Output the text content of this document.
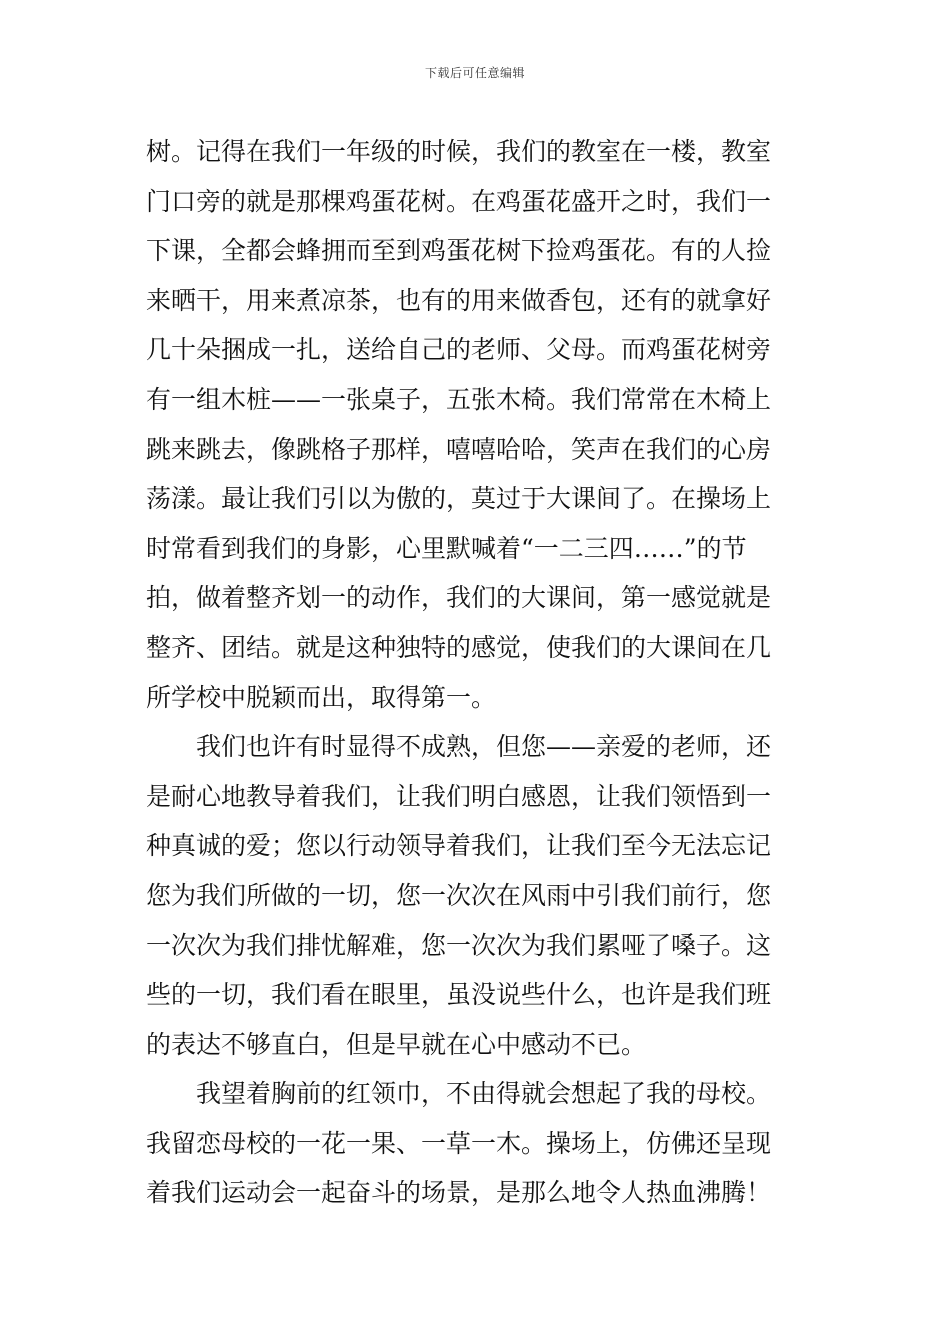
下载后可任意编辑
树。记得在我们一年级的时候，我们的教室在一楼，教室
门口旁的就是那棵鸡蛋花树。在鸡蛋花盛开之时，我们一
下课，全都会蜂拥而至到鸡蛋花树下捡鸡蛋花。有的人捡
来晒干，用来煮凉茶，也有的用来做香包，还有的就拿好
几十朵捆成一扎，送给自己的老师、父母。而鸡蛋花树旁
有一组木桩——一张桌子，五张木椅。我们常常在木椅上
跳来跳去，像跳格子那样，嘻嘻哈哈，笑声在我们的心房
荡漾。最让我们引以为傲的，莫过于大课间了。在操场上
时常看到我们的身影，心里默喊着“一二三四……”的节
拍，做着整齐划一的动作，我们的大课间，第一感觉就是
整齐、团结。就是这种独特的感觉，使我们的大课间在几
所学校中脱颖而出，取得第一。
　　我们也许有时显得不成熟，但您——亲爱的老师，还
是耐心地教导着我们，让我们明白感恩，让我们领悟到一
种真诚的爱；您以行动领导着我们，让我们至今无法忘记
您为我们所做的一切，您一次次在风雨中引我们前行，您
一次次为我们排忧解难，您一次次为我们累哑了嗓子。这
些的一切，我们看在眼里，虽没说些什么，也许是我们班
的表达不够直白，但是早就在心中感动不已。
　　我望着胸前的红领巾，不由得就会想起了我的母校。
我留恋母校的一花一果、一草一木。操场上，仿佛还呈现
着我们运动会一起奋斗的场景，是那么地令人热血沸腾！
